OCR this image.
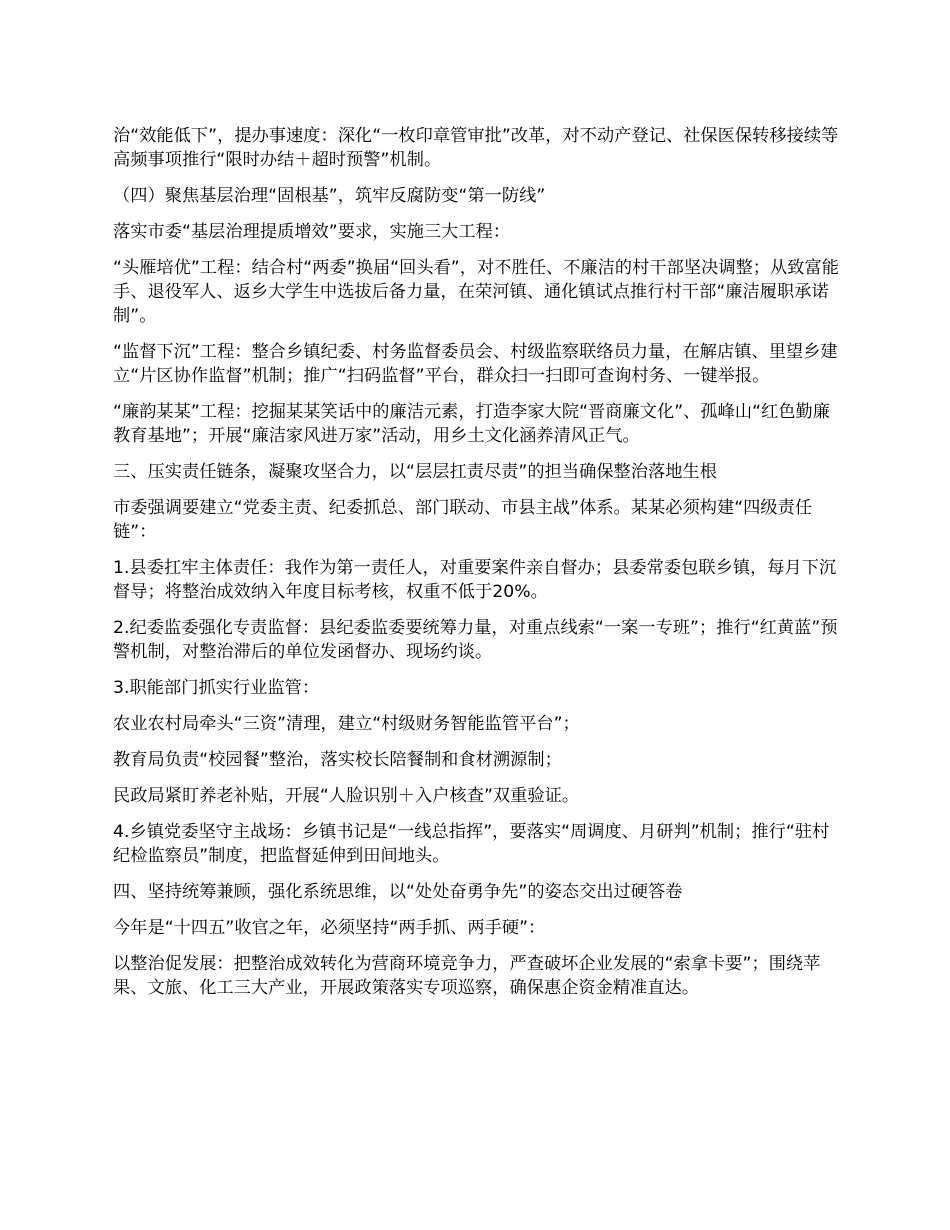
治“效能低下”，提办事速度：深化“一枚印章管审批”改革，对不动产登记、社保医保转移接续等高频事项推行“限时办结＋超时预警”机制。

（四）聚焦基层治理“固根基”，筑牢反腐防变“第一防线”

落实市委“基层治理提质增效”要求，实施三大工程：

“头雁培优”工程：结合村“两委”换届“回头看”，对不胜任、不廉洁的村干部坚决调整；从致富能手、退役军人、返乡大学生中选拔后备力量，在荣河镇、通化镇试点推行村干部“廉洁履职承诺制”。

“监督下沉”工程：整合乡镇纪委、村务监督委员会、村级监察联络员力量，在解店镇、里望乡建立“片区协作监督”机制；推广“扫码监督”平台，群众扫一扫即可查询村务、一键举报。

“廉韵某某”工程：挖掘某某笑话中的廉洁元素，打造李家大院“晋商廉文化”、孤峰山“红色勤廉教育基地”；开展“廉洁家风进万家”活动，用乡土文化涵养清风正气。

三、压实责任链条，凝聚攻坚合力，以“层层扛责尽责”的担当确保整治落地生根

市委强调要建立“党委主责、纪委抓总、部门联动、市县主战”体系。某某必须构建“四级责任链”：

1.县委扛牢主体责任：我作为第一责任人，对重要案件亲自督办；县委常委包联乡镇，每月下沉督导；将整治成效纳入年度目标考核，权重不低于20%。

2.纪委监委强化专责监督：县纪委监委要统筹力量，对重点线索“一案一专班”；推行“红黄蓝”预警机制，对整治滞后的单位发函督办、现场约谈。

3.职能部门抓实行业监管：

农业农村局牵头“三资”清理，建立“村级财务智能监管平台”；

教育局负责“校园餐”整治，落实校长陪餐制和食材溯源制；

民政局紧盯养老补贴，开展“人脸识别＋入户核查”双重验证。

4.乡镇党委坚守主战场：乡镇书记是“一线总指挥”，要落实“周调度、月研判”机制；推行“驻村纪检监察员”制度，把监督延伸到田间地头。

四、坚持统筹兼顾，强化系统思维，以“处处奋勇争先”的姿态交出过硬答卷

今年是“十四五”收官之年，必须坚持“两手抓、两手硬”：

以整治促发展：把整治成效转化为营商环境竞争力，严查破坏企业发展的“索拿卡要”；围绕苹果、文旅、化工三大产业，开展政策落实专项巡察，确保惠企资金精准直达。
